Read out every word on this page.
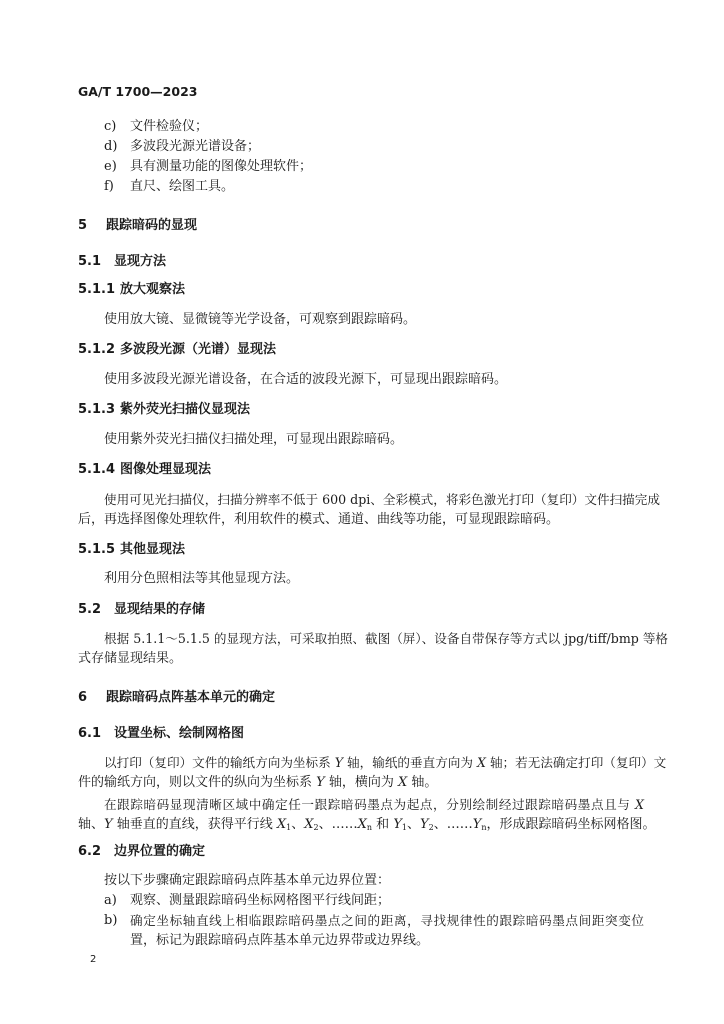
GA/T 1700—2023
c) 文件检验仪；
d) 多波段光源光谱设备；
e) 具有测量功能的图像处理软件；
f) 直尺、绘图工具。
5 跟踪暗码的显现
5.1 显现方法
5.1.1 放大观察法
使用放大镜、显微镜等光学设备，可观察到跟踪暗码。
5.1.2 多波段光源（光谱）显现法
使用多波段光源光谱设备，在合适的波段光源下，可显现出跟踪暗码。
5.1.3 紫外荧光扫描仪显现法
使用紫外荧光扫描仪扫描处理，可显现出跟踪暗码。
5.1.4 图像处理显现法
使用可见光扫描仪，扫描分辨率不低于 600 dpi、全彩模式，将彩色激光打印（复印）文件扫描完成
后，再选择图像处理软件，利用软件的模式、通道、曲线等功能，可显现跟踪暗码。
5.1.5 其他显现法
利用分色照相法等其他显现方法。
5.2 显现结果的存储
根据 5.1.1～5.1.5 的显现方法，可采取拍照、截图（屏）、设备自带保存等方式以 jpg/tiff/bmp 等格
式存储显现结果。
6 跟踪暗码点阵基本单元的确定
6.1 设置坐标、绘制网格图
以打印（复印）文件的输纸方向为坐标系 Y 轴，输纸的垂直方向为 X 轴；若无法确定打印（复印）文
件的输纸方向，则以文件的纵向为坐标系 Y 轴，横向为 X 轴。
在跟踪暗码显现清晰区域中确定任一跟踪暗码墨点为起点，分别绘制经过跟踪暗码墨点且与 X
轴、Y 轴垂直的直线，获得平行线 $X_1$、$X_2$、$\dots\dots X_n$ 和 $Y_1$、$Y_2$、$\dots\dots Y_n$，形成跟踪暗码坐标网格图。
6.2 边界位置的确定
按以下步骤确定跟踪暗码点阵基本单元边界位置：
a) 观察、测量跟踪暗码坐标网格图平行线间距；
b) 确定坐标轴直线上相临跟踪暗码墨点之间的距离，寻找规律性的跟踪暗码墨点间距突变位
置，标记为跟踪暗码点阵基本单元边界带或边界线。
2
